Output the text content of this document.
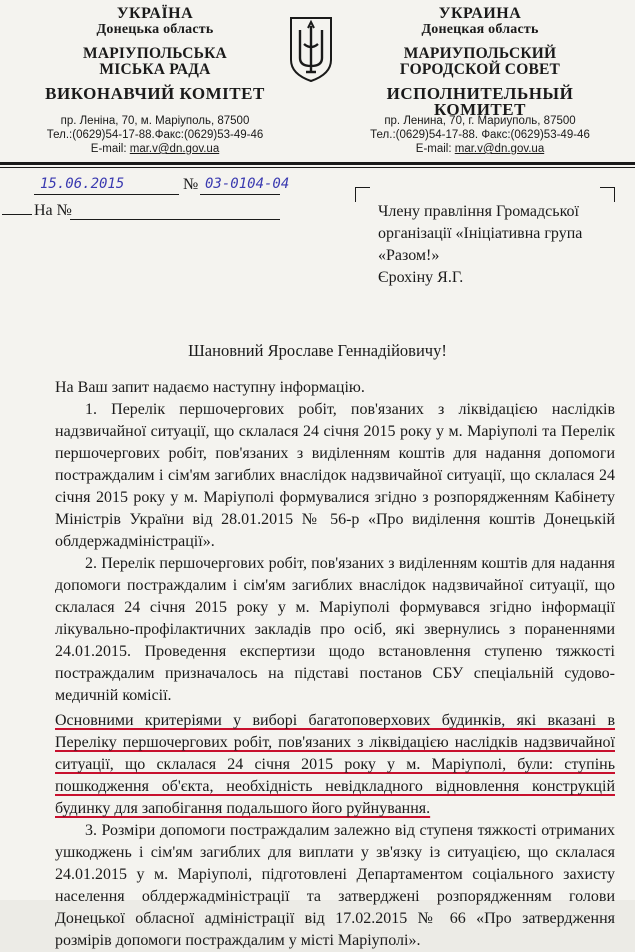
УКРАЇНА
Донецька область
МАРІУПОЛЬСЬКА
МІСЬКА РАДА
ВИКОНАВЧИЙ КОМІТЕТ
пр. Леніна, 70, м. Маріуполь, 87500
Тел.:(0629)54-17-88.Факс:(0629)53-49-46
E-mail: mar.v@dn.gov.ua
УКРАИНА
Донецкая область
МАРИУПОЛЬСКИЙ
ГОРОДСКОЙ СОВЕТ
ИСПОЛНИТЕЛЬНЫЙ КОМИТЕТ
пр. Ленина, 70, г. Мариуполь, 87500
Тел.:(0629)54-17-88. Факс:(0629)53-49-46
E-mail: mar.v@dn.gov.ua
15.06.2015	№ 03-0104-04
На №	Члену правління Громадської
організації «Ініціативна група
«Разом!»
Єрохіну Я.Г.
Шановний Ярославе Геннадійовичу!

На Ваш запит надаємо наступну інформацію.

1. Перелік першочергових робіт, пов'язаних з ліквідацією наслідків надзвичайної ситуації, що склалася 24 січня 2015 року у м. Маріуполі та Перелік першочергових робіт, пов'язаних з виділенням коштів для надання допомоги постраждалим і сім'ям загиблих внаслідок надзвичайної ситуації, що склалася 24 січня 2015 року у м. Маріуполі формувалися згідно з розпорядженням Кабінету Міністрів України від 28.01.2015 № 56-р «Про виділення коштів Донецькій облдержадміністрації».

2. Перелік першочергових робіт, пов'язаних з виділенням коштів для надання допомоги постраждалим і сім'ям загиблих внаслідок надзвичайної ситуації, що склалася 24 січня 2015 року у м. Маріуполі формувався згідно інформації лікувально-профілактичних закладів про осіб, які звернулись з пораненнями 24.01.2015. Проведення експертизи щодо встановлення ступеню тяжкості постраждалим призначалось на підставі постанов СБУ спеціальній судово-медичній комісії.

Основними критеріями у виборі багатоповерхових будинків, які вказані в Переліку першочергових робіт, пов'язаних з ліквідацією наслідків надзвичайної ситуації, що склалася 24 січня 2015 року у м. Маріуполі, були: ступінь пошкодження об'єкта, необхідність невідкладного відновлення конструкцій будинку для запобігання подальшого його руйнування.

3. Розміри допомоги постраждалим залежно від ступеня тяжкості отриманих ушкоджень і сім'ям загиблих для виплати у зв'язку із ситуацією, що склалася 24.01.2015 у м. Маріуполі, підготовлені Департаментом соціального захисту населення облдержадміністрації та затверджені розпорядженням голови Донецької обласної адміністрації від 17.02.2015 № 66 «Про затвердження розмірів допомоги постраждалим у місті Маріуполі».
